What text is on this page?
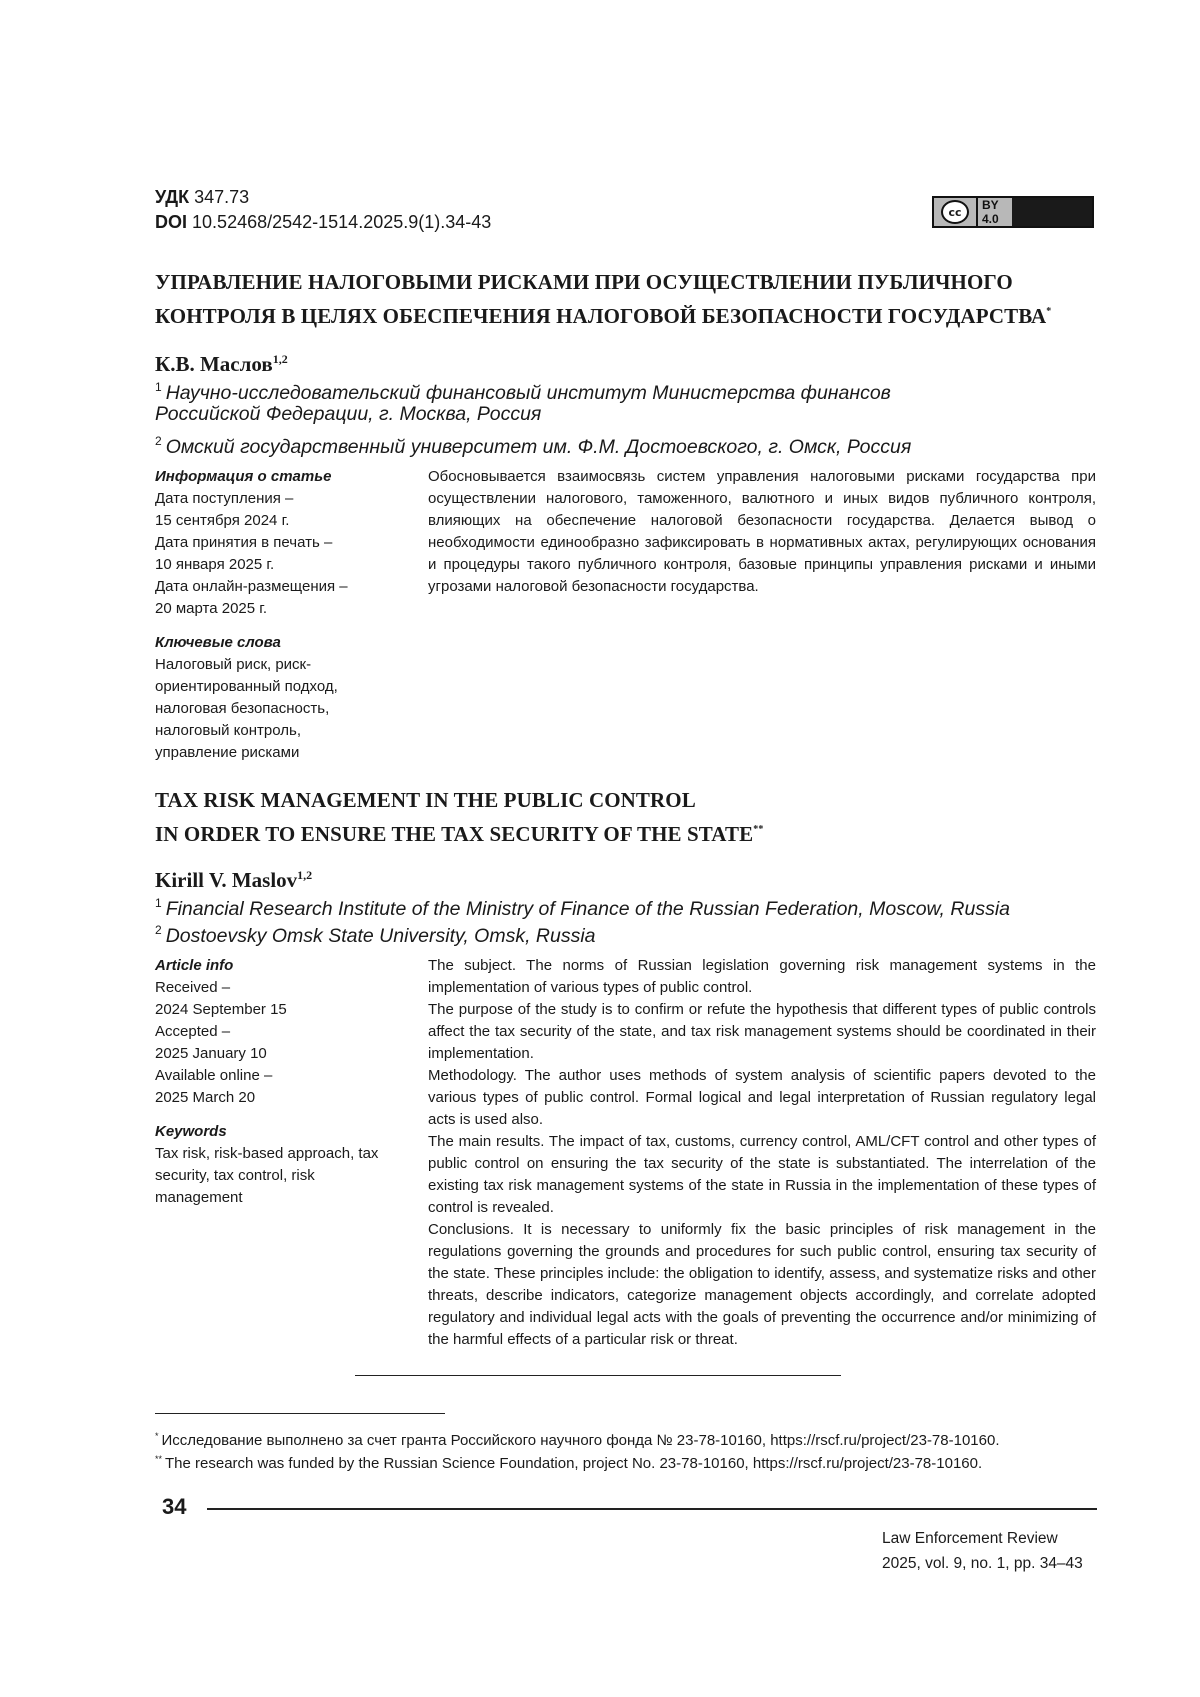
УДК 347.73
DOI 10.52468/2542-1514.2025.9(1).34-43	cc	BY 4.0
УПРАВЛЕНИЕ НАЛОГОВЫМИ РИСКАМИ ПРИ ОСУЩЕСТВЛЕНИИ ПУБЛИЧНОГО
КОНТРОЛЯ В ЦЕЛЯХ ОБЕСПЕЧЕНИЯ НАЛОГОВОЙ БЕЗОПАСНОСТИ ГОСУДАРСТВА*
К.В. Маслов$^{1,2}$
$^1$ Научно-исследовательский финансовый институт Министерства финансов
Российской Федерации, г. Москва, Россия
$^2$ Омский государственный университет им. Ф.М. Достоевского, г. Омск, Россия
Информация о статье
Дата поступления –
15 сентября 2024 г.
Дата принятия в печать –
10 января 2025 г.
Дата онлайн-размещения –
20 марта 2025 г.
Ключевые слова
Налоговый риск, риск-
ориентированный подход,
налоговая безопасность,
налоговый контроль,
управление рисками

Обосновывается взаимосвязь систем управления налоговыми рисками государства при осуществлении налогового, таможенного, валютного и иных видов публичного контроля, влияющих на обеспечение налоговой безопасности государства. Делается вывод о необходимости единообразно зафиксировать в нормативных актах, регулирующих основания и процедуры такого публичного контроля, базовые принципы управления рисками и иными угрозами налоговой безопасности государства.

TAX RISK MANAGEMENT IN THE PUBLIC CONTROL
IN ORDER TO ENSURE THE TAX SECURITY OF THE STATE**
Kirill V. Maslov$^{1,2}$
$^1$ Financial Research Institute of the Ministry of Finance of the Russian Federation, Moscow, Russia
$^2$ Dostoevsky Omsk State University, Omsk, Russia
Article info
Received –
2024 September 15
Accepted –
2025 January 10
Available online –
2025 March 20
Keywords
Tax risk, risk-based approach, tax
security, tax control, risk
management

The subject. The norms of Russian legislation governing risk management systems in the implementation of various types of public control.

The purpose of the study is to confirm or refute the hypothesis that different types of public controls affect the tax security of the state, and tax risk management systems should be coordinated in their implementation.

Methodology. The author uses methods of system analysis of scientific papers devoted to the various types of public control. Formal logical and legal interpretation of Russian regulatory legal acts is used also.

The main results. The impact of tax, customs, currency control, AML/CFT control and other types of public control on ensuring the tax security of the state is substantiated. The interrelation of the existing tax risk management systems of the state in Russia in the implementation of these types of control is revealed.

Conclusions. It is necessary to uniformly fix the basic principles of risk management in the regulations governing the grounds and procedures for such public control, ensuring tax security of the state. These principles include: the obligation to identify, assess, and systematize risks and other threats, describe indicators, categorize management objects accordingly, and correlate adopted regulatory and individual legal acts with the goals of preventing the occurrence and/or minimizing of the harmful effects of a particular risk or threat.

* Исследование выполнено за счет гранта Российского научного фонда № 23-78-10160, https://rscf.ru/project/23-78-10160.
** The research was funded by the Russian Science Foundation, project No. 23-78-10160, https://rscf.ru/project/23-78-10160.
34
Law Enforcement Review
2025, vol. 9, no. 1, pp. 34–43
